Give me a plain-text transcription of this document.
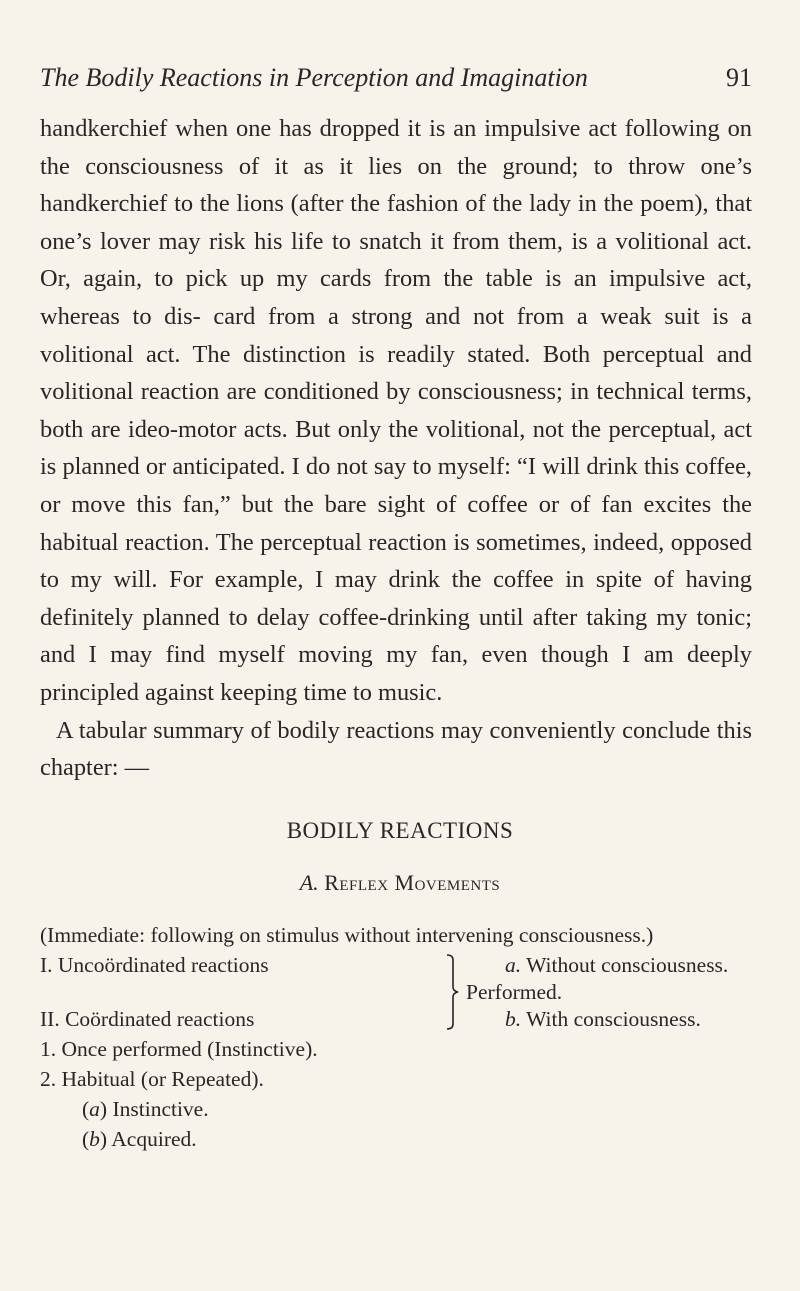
The Bodily Reactions in Perception and Imagination	91

handkerchief when one has dropped it is an impulsive act following on the consciousness of it as it lies on the ground; to throw one’s handkerchief to the lions (after the fashion of the lady in the poem), that one’s lover may risk his life to snatch it from them, is a volitional act. Or, again, to pick up my cards from the table is an impulsive act, whereas to dis- card from a strong and not from a weak suit is a volitional act. The distinction is readily stated. Both perceptual and volitional reaction are conditioned by consciousness; in technical terms, both are ideo-motor acts. But only the volitional, not the perceptual, act is planned or anticipated. I do not say to myself: “I will drink this coffee, or move this fan,” but the bare sight of coffee or of fan excites the habitual reaction. The perceptual reaction is sometimes, indeed, opposed to my will. For example, I may drink the coffee in spite of having definitely planned to delay coffee-drinking until after taking my tonic; and I may find myself moving my fan, even though I am deeply principled against keeping time to music.

A tabular summary of bodily reactions may conveniently conclude this chapter: —

BODILY REACTIONS
A. Reflex Movements
(Immediate: following on stimulus without intervening consciousness.)
I. Uncoördinated reactions
II. Coördinated reactions
Performed.
a. Without consciousness.
b. With consciousness.
1. Once performed (Instinctive).
2. Habitual (or Repeated).
(a) Instinctive.
(b) Acquired.
